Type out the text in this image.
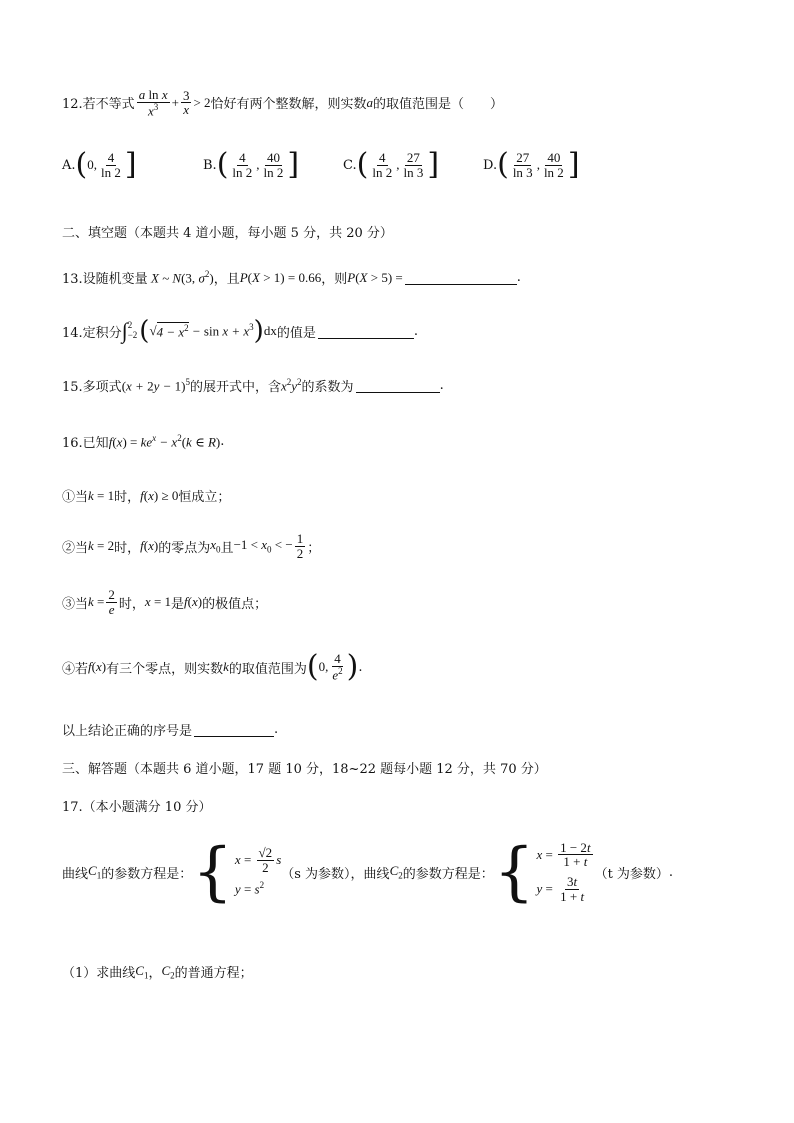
12.若不等式 $\frac{\text{a ln x}}{x^3} + \frac{3}{x} > 2$ 恰好有两个整数解，则实数 a 的取值范围是（　　）
A. ( 0, $\frac{4}{\ln 2}$ ]	B. ( $\frac{4}{\ln 2}$ , $\frac{40}{\ln 2}$ ]	C. ( $\frac{4}{\ln 2}$ , $\frac{27}{\ln 3}$ ]	D. ( $\frac{27}{\ln 3}$ , $\frac{40}{\ln 2}$ ]
二、填空题（本题共 4 道小题，每小题 5 分，共 20 分）
13.设随机变量 X ~ N(3, $\sigma^2$) ，且 P(X > 1) = 0.66 ，则 P(X > 5) =	.
14.定积分 ∫ 2
−2 ( √ $4 - x^2 - \sin x + x^3$ ) dx 的值是	.
15.多项式 $(x + 2y - 1)^5$ 的展开式中，含 $x^2y^2$ 的系数为	.
16.已知 $f(x) = ke^x - x^2(k$ ∈ R) .
①当 k = 1 时， f(x) ≥ 0 恒成立；
②当 k = 2 时， f(x) 的零点为 $x_0$ 且 $-1 < x_0$ < − $\frac{1}{2}$ ；
③当 $k = \frac{2}{e}$ 时， x = 1 是 f(x) 的极值点；
④若 f(x) 有三个零点，则实数 k 的取值范围为 ( 0, $\frac{4}{e^2}$ ) .
以上结论正确的序号是	.
三、解答题（本题共 6 道小题，17 题 10 分，18~22 题每小题 12 分，共 70 分）
17.（本小题满分 10 分）
曲线 $C_1$ 的参数方程是： { $x = \frac{√2}{2}$ s
$y = s^2$
（s 为参数），曲线 $C_2$ 的参数方程是： { $x = \frac{1 - 2t}{1 + t}$
$y = \frac{3t}{1 + t}$
（t 为参数） .
（1）求曲线 $C_1$ ， $C_2$ 的普通方程；
